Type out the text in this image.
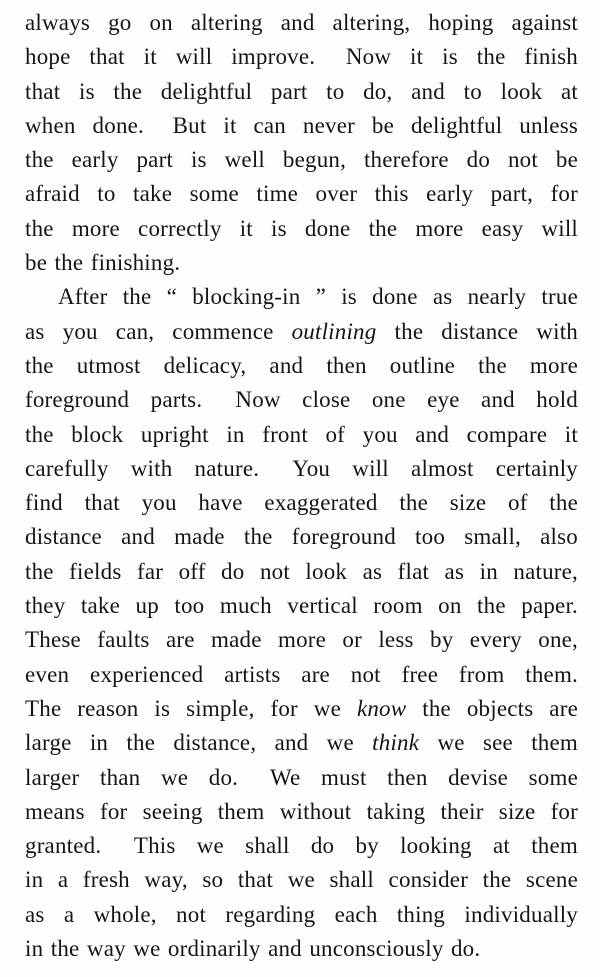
always go on altering and altering, hoping against
hope that it will improve.  Now it is the finish
that is the delightful part to do, and to look at
when done.  But it can never be delightful unless
the early part is well begun, therefore do not be
afraid to take some time over this early part, for
the more correctly it is done the more easy will
be the finishing.
After the “ blocking-in ” is done as nearly true
as you can, commence outlining the distance with
the utmost delicacy, and then outline the more
foreground parts.  Now close one eye and hold
the block upright in front of you and compare it
carefully with nature.  You will almost certainly
find that you have exaggerated the size of the
distance and made the foreground too small, also
the fields far off do not look as flat as in nature,
they take up too much vertical room on the paper.
These faults are made more or less by every one,
even experienced artists are not free from them.
The reason is simple, for we know the objects are
large in the distance, and we think we see them
larger than we do.  We must then devise some
means for seeing them without taking their size for
granted.  This we shall do by looking at them
in a fresh way, so that we shall consider the scene
as a whole, not regarding each thing individually
in the way we ordinarily and unconsciously do.
